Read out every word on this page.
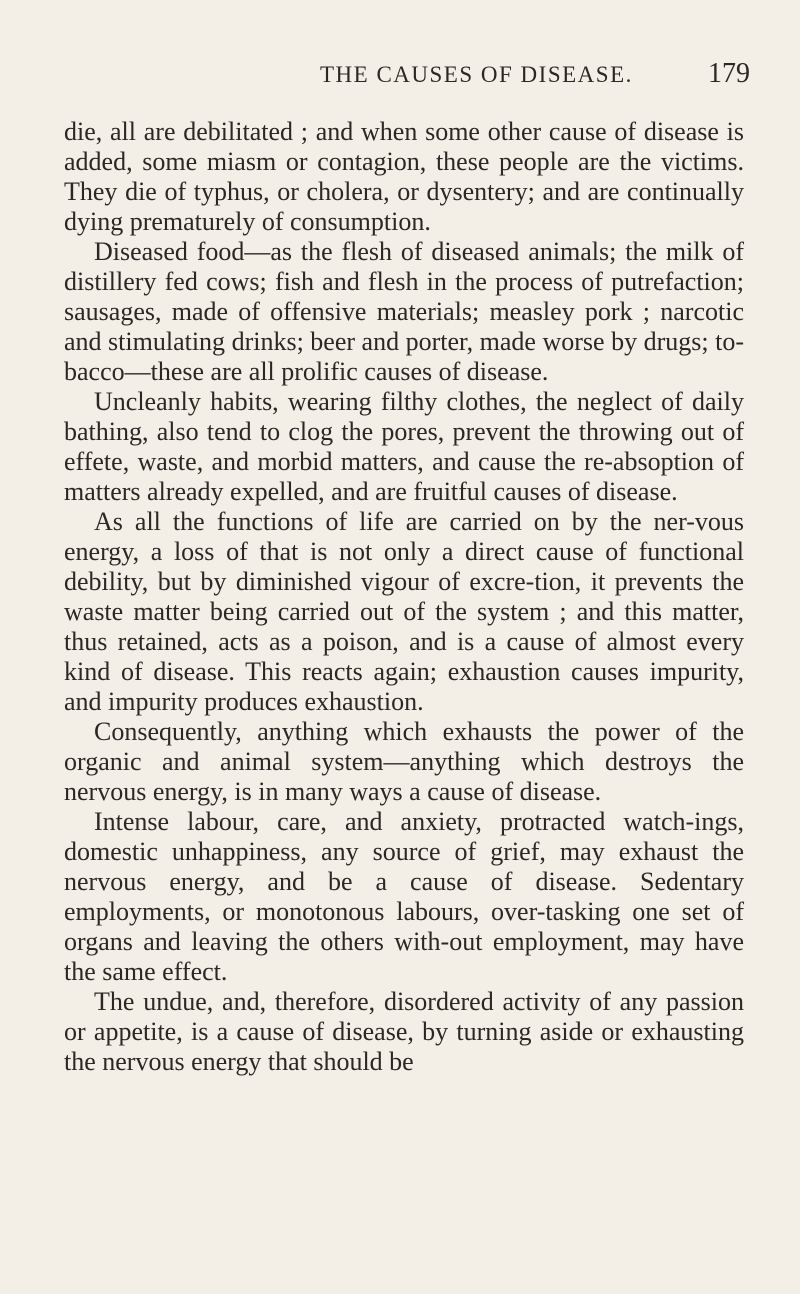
THE CAUSES OF DISEASE.	179

die, all are debilitated ; and when some other cause of disease is added, some miasm or contagion, these people are the victims. They die of typhus, or cholera, or dysentery; and are continually dying prematurely of consumption.

Diseased food—as the flesh of diseased animals; the milk of distillery fed cows; fish and flesh in the process of putrefaction; sausages, made of offensive materials; measley pork ; narcotic and stimulating drinks; beer and porter, made worse by drugs; to-bacco—these are all prolific causes of disease.

Uncleanly habits, wearing filthy clothes, the neglect of daily bathing, also tend to clog the pores, prevent the throwing out of effete, waste, and morbid matters, and cause the re-absoption of matters already expelled, and are fruitful causes of disease.

As all the functions of life are carried on by the ner-vous energy, a loss of that is not only a direct cause of functional debility, but by diminished vigour of excre-tion, it prevents the waste matter being carried out of the system ; and this matter, thus retained, acts as a poison, and is a cause of almost every kind of disease. This reacts again; exhaustion causes impurity, and impurity produces exhaustion.

Consequently, anything which exhausts the power of the organic and animal system—anything which destroys the nervous energy, is in many ways a cause of disease.

Intense labour, care, and anxiety, protracted watch-ings, domestic unhappiness, any source of grief, may exhaust the nervous energy, and be a cause of disease. Sedentary employments, or monotonous labours, over-tasking one set of organs and leaving the others with-out employment, may have the same effect.

The undue, and, therefore, disordered activity of any passion or appetite, is a cause of disease, by turning aside or exhausting the nervous energy that should be
